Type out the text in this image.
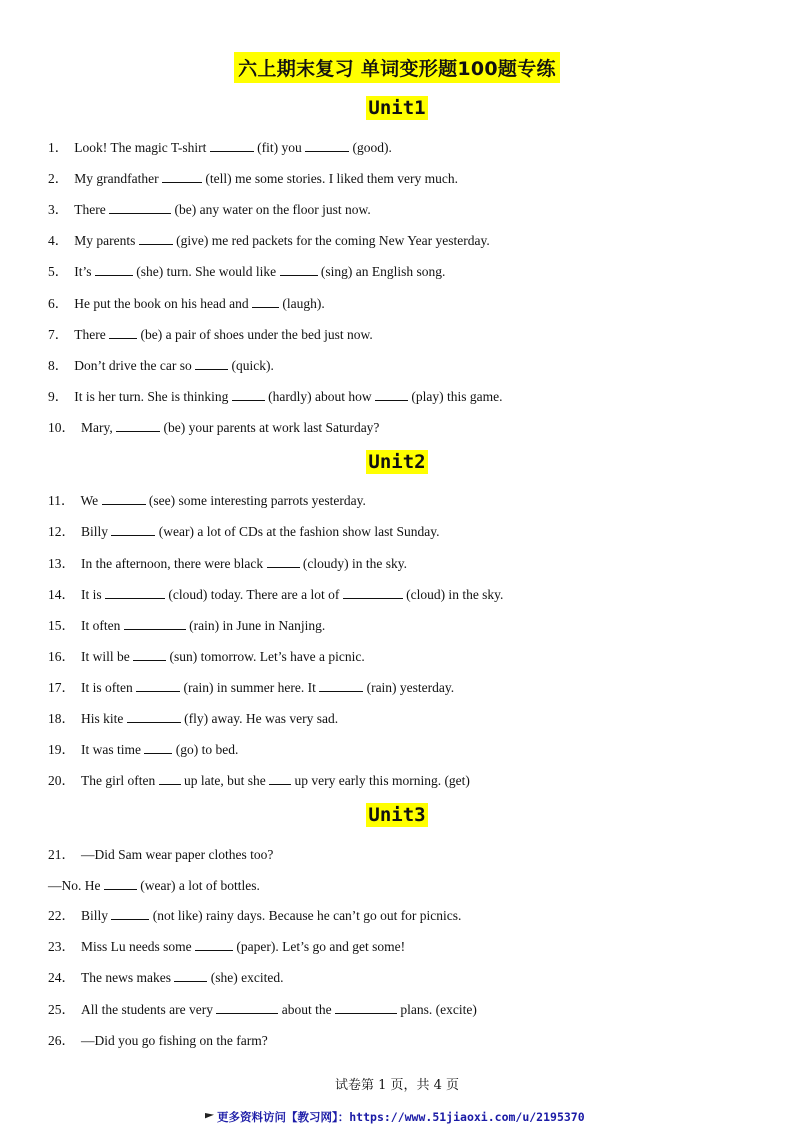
六上期末复习 单词变形题100题专练
Unit1
Unit2
Unit3
1． Look! The magic T-shirt	(fit) you	(good).
2． My grandfather	(tell) me some stories. I liked them very much.
3． There	(be) any water on the floor just now.
4． My parents	(give) me red packets for the coming New Year yesterday.
5． It’s	(she) turn. She would like	(sing) an English song.
6． He put the book on his head and  (laugh).
7． There  (be) a pair of shoes under the bed just now.
8． Don’t drive the car so  (quick).
9． It is her turn. She is thinking  (hardly) about how  (play) this game.
10． Mary,	(be) your parents at work last Saturday?
11． We	(see) some interesting parrots yesterday.
12． Billy	(wear) a lot of CDs at the fashion show last Sunday.
13． In the afternoon, there were black  (cloudy) in the sky.
14． It is	(cloud) today. There are a lot of	(cloud) in the sky.
15． It often	(rain) in June in Nanjing.
16． It will be  (sun) tomorrow. Let’s have a picnic.
17． It is often	(rain) in summer here. It	(rain) yesterday.
18． His kite	(fly) away. He was very sad.
19． It was time  (go) to bed.
20． The girl often  up late, but she  up very early this morning. (get)
21． —Did Sam wear paper clothes too?
—No. He  (wear) a lot of bottles.
22． Billy	(not like) rainy days. Because he can’t go out for picnics.
23． Miss Lu needs some	(paper). Let’s go and get some!
24． The news makes  (she) excited.
25． All the students are very	about the	plans. (excite)
26． —Did you go fishing on the farm?
试卷第 1 页，共 4 页
更多资料访问【教习网】：https://www.51jiaoxi.com/u/2195370
